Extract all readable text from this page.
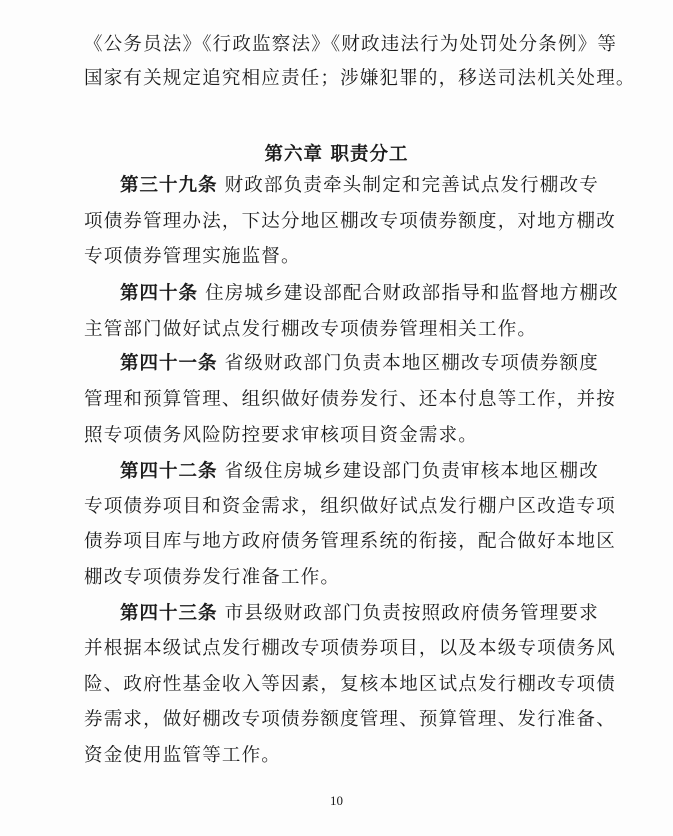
《公务员法》《行政监察法》《财政违法行为处罚处分条例》等
国家有关规定追究相应责任；涉嫌犯罪的，移送司法机关处理。
第六章 职责分工
第三十九条 财政部负责牵头制定和完善试点发行棚改专
项债券管理办法，下达分地区棚改专项债券额度，对地方棚改
专项债券管理实施监督。
第四十条 住房城乡建设部配合财政部指导和监督地方棚改
主管部门做好试点发行棚改专项债券管理相关工作。
第四十一条 省级财政部门负责本地区棚改专项债券额度
管理和预算管理、组织做好债券发行、还本付息等工作，并按
照专项债务风险防控要求审核项目资金需求。
第四十二条 省级住房城乡建设部门负责审核本地区棚改
专项债券项目和资金需求，组织做好试点发行棚户区改造专项
债券项目库与地方政府债务管理系统的衔接，配合做好本地区
棚改专项债券发行准备工作。
第四十三条 市县级财政部门负责按照政府债务管理要求
并根据本级试点发行棚改专项债券项目，以及本级专项债务风
险、政府性基金收入等因素，复核本地区试点发行棚改专项债
券需求，做好棚改专项债券额度管理、预算管理、发行准备、
资金使用监管等工作。
10
